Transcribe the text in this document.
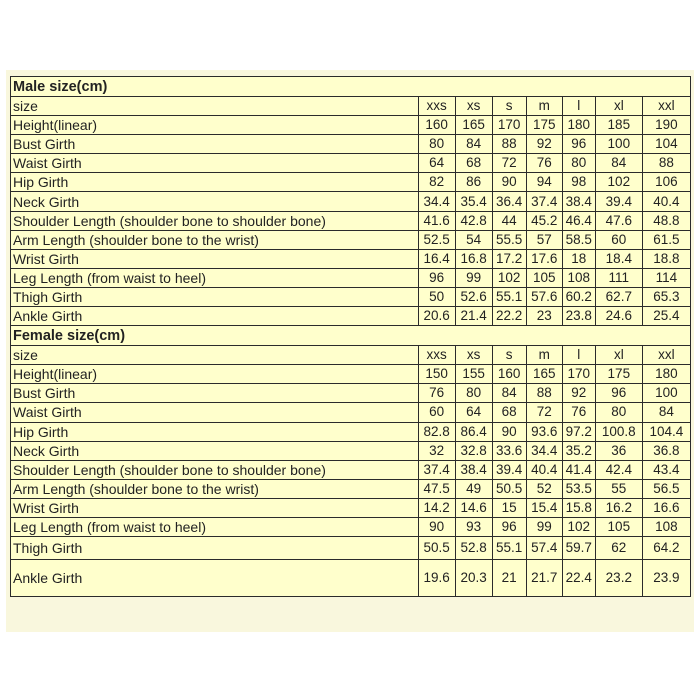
Male size(cm)							
size	xxs	xs	s	m	l	xl	xxl
Height(linear)	160	165	170	175	180	185	190
Bust Girth	80	84	88	92	96	100	104
Waist Girth	64	68	72	76	80	84	88
Hip Girth	82	86	90	94	98	102	106
Neck Girth	34.4	35.4	36.4	37.4	38.4	39.4	40.4
Shoulder Length (shoulder bone to shoulder bone)	41.6	42.8	44	45.2	46.4	47.6	48.8
Arm Length (shoulder bone to the wrist)	52.5	54	55.5	57	58.5	60	61.5
Wrist Girth	16.4	16.8	17.2	17.6	18	18.4	18.8
Leg Length (from waist to heel)	96	99	102	105	108	111	114
Thigh Girth	50	52.6	55.1	57.6	60.2	62.7	65.3
Ankle Girth	20.6	21.4	22.2	23	23.8	24.6	25.4
Female size(cm)							
size	xxs	xs	s	m	l	xl	xxl
Height(linear)	150	155	160	165	170	175	180
Bust Girth	76	80	84	88	92	96	100
Waist Girth	60	64	68	72	76	80	84
Hip Girth	82.8	86.4	90	93.6	97.2	100.8	104.4
Neck Girth	32	32.8	33.6	34.4	35.2	36	36.8
Shoulder Length (shoulder bone to shoulder bone)	37.4	38.4	39.4	40.4	41.4	42.4	43.4
Arm Length (shoulder bone to the wrist)	47.5	49	50.5	52	53.5	55	56.5
Wrist Girth	14.2	14.6	15	15.4	15.8	16.2	16.6
Leg Length (from waist to heel)	90	93	96	99	102	105	108
Thigh Girth	50.5	52.8	55.1	57.4	59.7	62	64.2
Ankle Girth	19.6	20.3	21	21.7	22.4	23.2	23.9
